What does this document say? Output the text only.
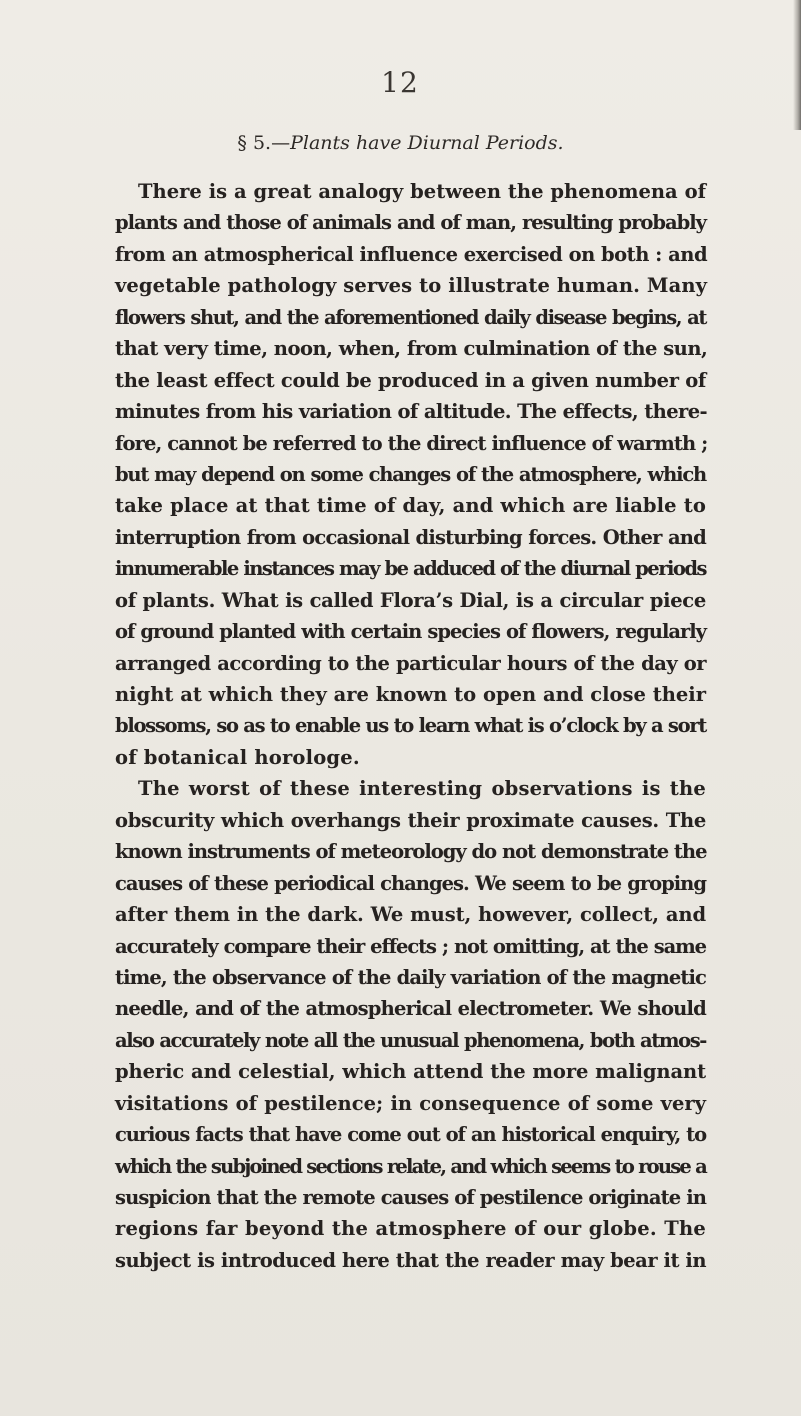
12
§ 5.—Plants have Diurnal Periods.
There is a great analogy between the phenomena of
plants and those of animals and of man, resulting probably
from an atmospherical influence exercised on both : and
vegetable pathology serves to illustrate human. Many
flowers shut, and the aforementioned daily disease begins, at
that very time, noon, when, from culmination of the sun,
the least effect could be produced in a given number of
minutes from his variation of altitude. The effects, there-
fore, cannot be referred to the direct influence of warmth ;
but may depend on some changes of the atmosphere, which
take place at that time of day, and which are liable to
interruption from occasional disturbing forces. Other and
innumerable instances may be adduced of the diurnal periods
of plants. What is called Flora’s Dial, is a circular piece
of ground planted with certain species of flowers, regularly
arranged according to the particular hours of the day or
night at which they are known to open and close their
blossoms, so as to enable us to learn what is o’clock by a sort
of botanical horologe.
The worst of these interesting observations is the
obscurity which overhangs their proximate causes. The
known instruments of meteorology do not demonstrate the
causes of these periodical changes. We seem to be groping
after them in the dark. We must, however, collect, and
accurately compare their effects ; not omitting, at the same
time, the observance of the daily variation of the magnetic
needle, and of the atmospherical electrometer. We should
also accurately note all the unusual phenomena, both atmos-
pheric and celestial, which attend the more malignant
visitations of pestilence; in consequence of some very
curious facts that have come out of an historical enquiry, to
which the subjoined sections relate, and which seems to rouse a
suspicion that the remote causes of pestilence originate in
regions far beyond the atmosphere of our globe. The
subject is introduced here that the reader may bear it in
